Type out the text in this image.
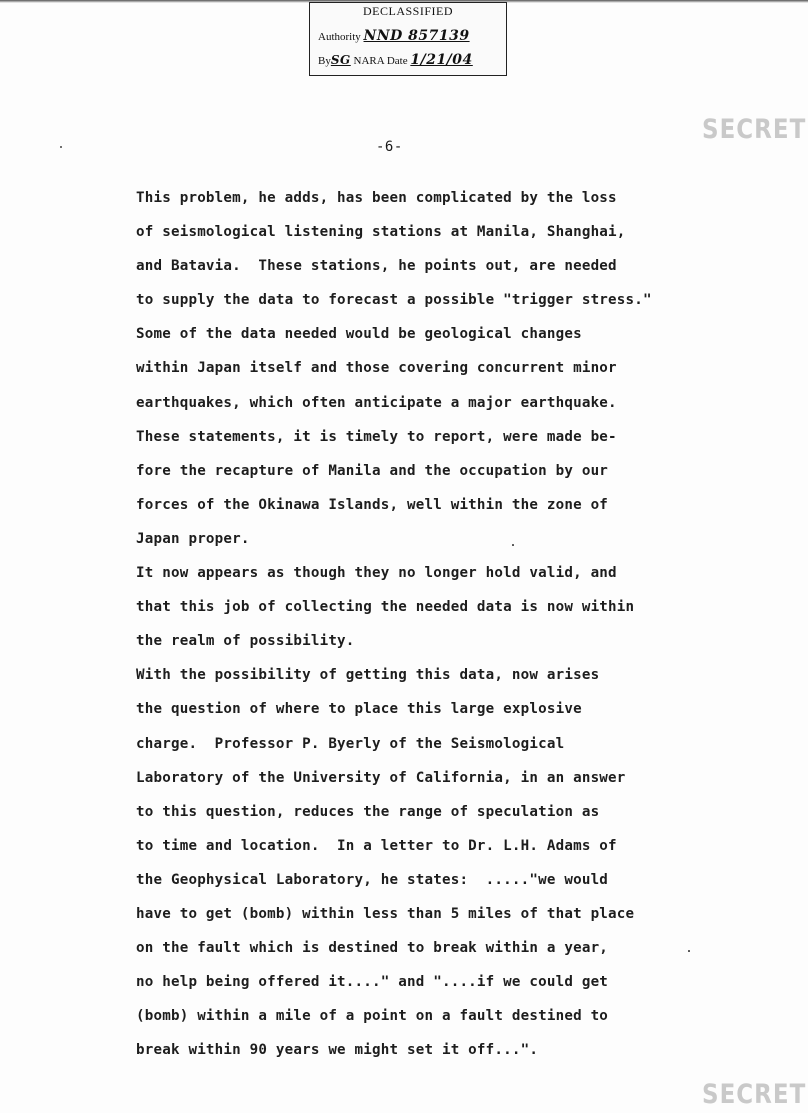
DECLASSIFIED
Authority NND 857139
BySG NARA Date 1/21/04
SECRET
SECRET
-6-
This problem, he adds, has been complicated by the loss
of seismological listening stations at Manila, Shanghai,
and Batavia.  These stations, he points out, are needed
to supply the data to forecast a possible "trigger stress."
Some of the data needed would be geological changes
within Japan itself and those covering concurrent minor
earthquakes, which often anticipate a major earthquake.
These statements, it is timely to report, were made be-
fore the recapture of Manila and the occupation by our
forces of the Okinawa Islands, well within the zone of
Japan proper.
It now appears as though they no longer hold valid, and
that this job of collecting the needed data is now within
the realm of possibility.
With the possibility of getting this data, now arises
the question of where to place this large explosive
charge.  Professor P. Byerly of the Seismological
Laboratory of the University of California, in an answer
to this question, reduces the range of speculation as
to time and location.  In a letter to Dr. L.H. Adams of
the Geophysical Laboratory, he states:  ....."we would
have to get (bomb) within less than 5 miles of that place
on the fault which is destined to break within a year,
no help being offered it...." and "....if we could get
(bomb) within a mile of a point on a fault destined to
break within 90 years we might set it off...".
